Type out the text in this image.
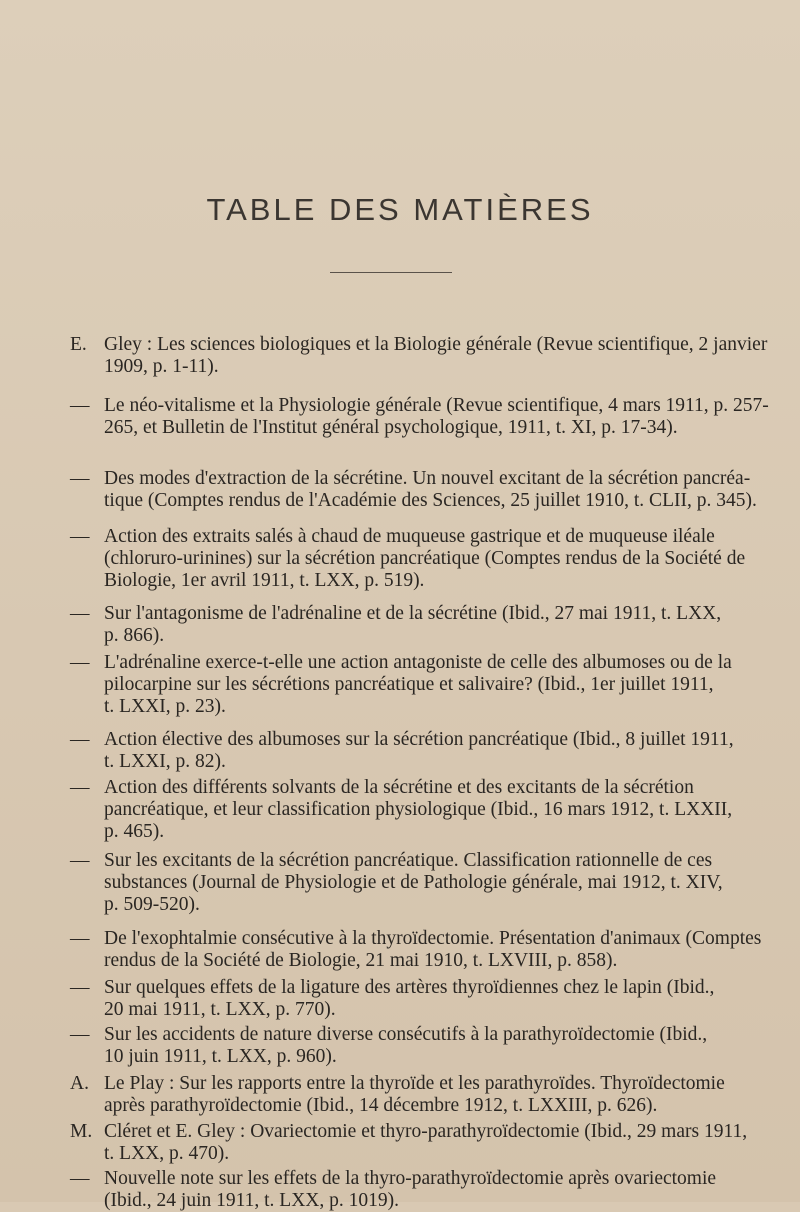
TABLE DES MATIÈRES
E. Gley : Les sciences biologiques et la Biologie générale (Revue scientifique, 2 janvier
1909, p. 1-11).
— Le néo-vitalisme et la Physiologie générale (Revue scientifique, 4 mars 1911, p. 257-
265, et Bulletin de l'Institut général psychologique, 1911, t. XI, p. 17-34).
— Des modes d'extraction de la sécrétine. Un nouvel excitant de la sécrétion pancréa-
tique (Comptes rendus de l'Académie des Sciences, 25 juillet 1910, t. CLII, p. 345).
— Action des extraits salés à chaud de muqueuse gastrique et de muqueuse iléale
(chloruro-urinines) sur la sécrétion pancréatique (Comptes rendus de la Société de
Biologie, 1er avril 1911, t. LXX, p. 519).
— Sur l'antagonisme de l'adrénaline et de la sécrétine (Ibid., 27 mai 1911, t. LXX,
p. 866).
— L'adrénaline exerce-t-elle une action antagoniste de celle des albumoses ou de la
pilocarpine sur les sécrétions pancréatique et salivaire? (Ibid., 1er juillet 1911,
t. LXXI, p. 23).
— Action élective des albumoses sur la sécrétion pancréatique (Ibid., 8 juillet 1911,
t. LXXI, p. 82).
— Action des différents solvants de la sécrétine et des excitants de la sécrétion
pancréatique, et leur classification physiologique (Ibid., 16 mars 1912, t. LXXII,
p. 465).
— Sur les excitants de la sécrétion pancréatique. Classification rationnelle de ces
substances (Journal de Physiologie et de Pathologie générale, mai 1912, t. XIV,
p. 509-520).
— De l'exophtalmie consécutive à la thyroïdectomie. Présentation d'animaux (Comptes
rendus de la Société de Biologie, 21 mai 1910, t. LXVIII, p. 858).
— Sur quelques effets de la ligature des artères thyroïdiennes chez le lapin (Ibid.,
20 mai 1911, t. LXX, p. 770).
— Sur les accidents de nature diverse consécutifs à la parathyroïdectomie (Ibid.,
10 juin 1911, t. LXX, p. 960).
A. Le Play : Sur les rapports entre la thyroïde et les parathyroïdes. Thyroïdectomie
après parathyroïdectomie (Ibid., 14 décembre 1912, t. LXXIII, p. 626).
M. Cléret et E. Gley : Ovariectomie et thyro-parathyroïdectomie (Ibid., 29 mars 1911,
t. LXX, p. 470).
— Nouvelle note sur les effets de la thyro-parathyroïdectomie après ovariectomie
(Ibid., 24 juin 1911, t. LXX, p. 1019).
